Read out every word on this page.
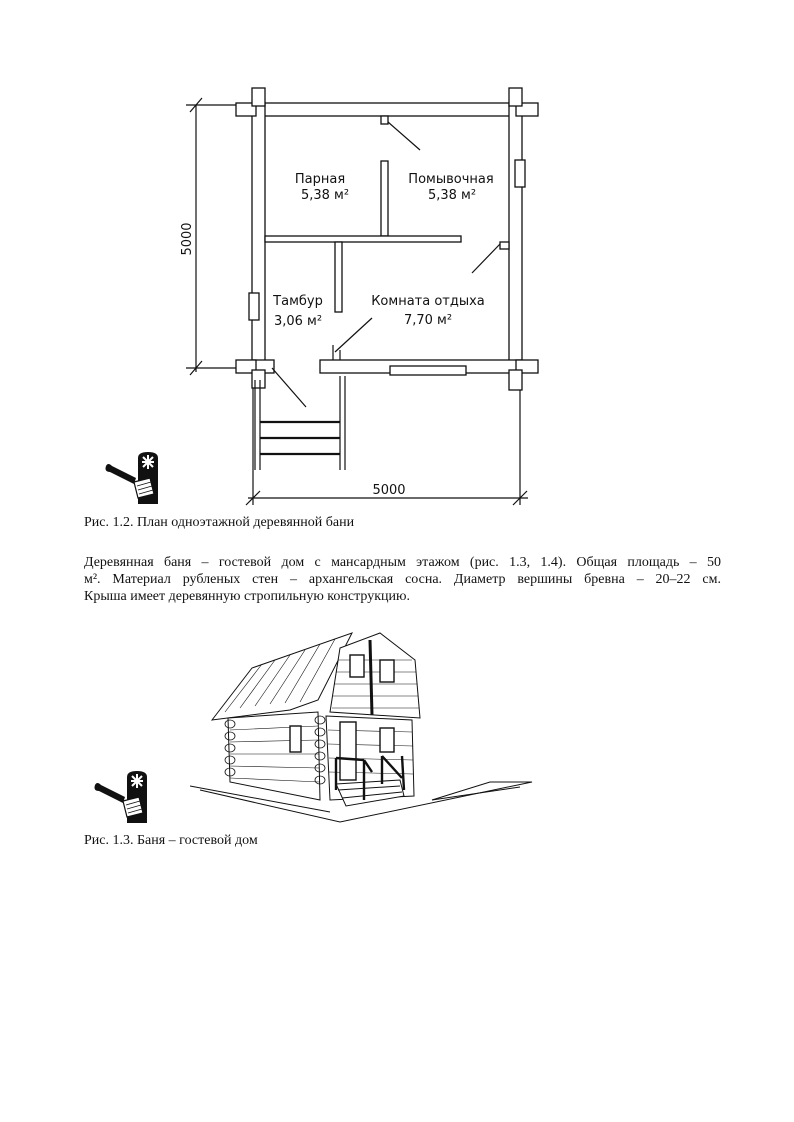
Парная
5,38 м²
Помывочная
5,38 м²
Тамбур
3,06 м²
Комната отдыха
7,70 м²
5000
5000
Рис. 1.2. План одноэтажной деревянной бани
Деревянная баня – гостевой дом с мансардным этажом (рис. 1.3, 1.4). Общая площадь – 50
м². Материал рубленых стен – архангельская сосна. Диаметр вершины бревна – 20–22 см.
Крыша имеет деревянную стропильную конструкцию.
Рис. 1.3. Баня – гостевой дом
